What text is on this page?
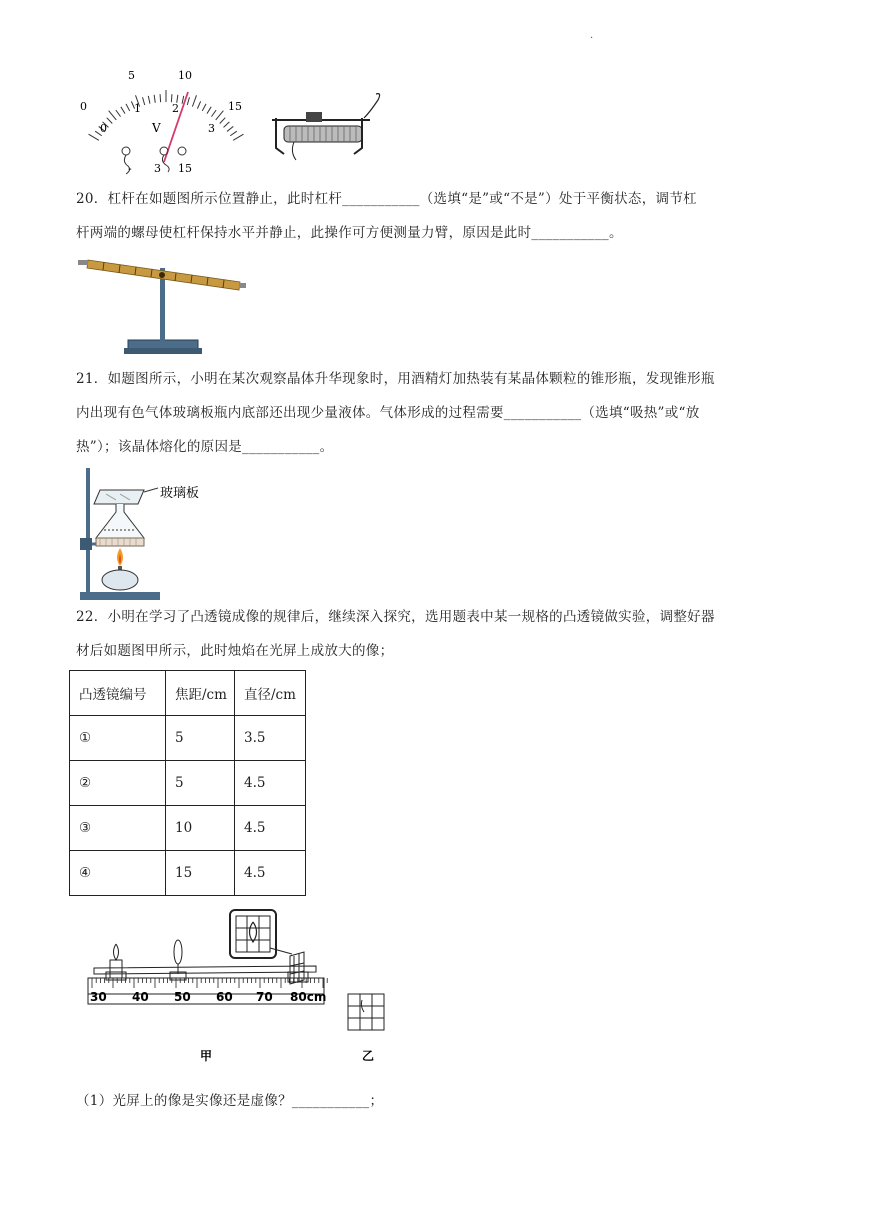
.
0
5	10
15
0
1	2
3
V
- 3 15
20．杠杆在如题图所示位置静止，此时杠杆___________（选填“是”或“不是”）处于平衡状态，调节杠
杆两端的螺母使杠杆保持水平并静止，此操作可方便测量力臂，原因是此时___________。
21．如题图所示，小明在某次观察晶体升华现象时，用酒精灯加热装有某晶体颗粒的锥形瓶，发现锥形瓶
内出现有色气体玻璃板瓶内底部还出现少量液体。气体形成的过程需要___________（选填“吸热”或“放
热”）；该晶体熔化的原因是___________。
玻璃板
22．小明在学习了凸透镜成像的规律后，继续深入探究，选用题表中某一规格的凸透镜做实验，调整好器
材后如题图甲所示，此时烛焰在光屏上成放大的像；
凸透镜编号	焦距/cm	直径/cm
①	5	3.5
②	5	4.5
③	10	4.5
④	15	4.5
30 40 50 60 70 80cm
甲	乙
（1）光屏上的像是实像还是虚像？___________；
